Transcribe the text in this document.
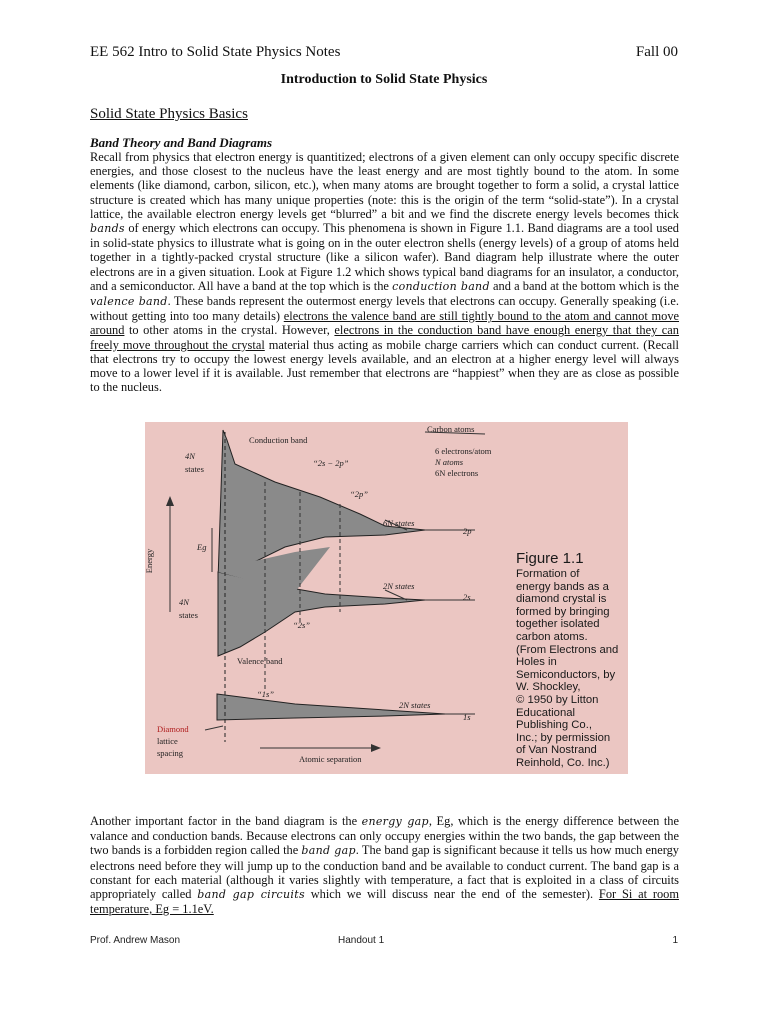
EE 562 Intro to Solid State Physics Notes	Fall 00
Introduction to Solid State Physics
Solid State Physics Basics
Band Theory and Band Diagrams
Recall from physics that electron energy is quantitized; electrons of a given element can only occupy specific discrete energies, and those closest to the nucleus have the least energy and are most tightly bound to the atom. In some elements (like diamond, carbon, silicon, etc.), when many atoms are brought together to form a solid, a crystal lattice structure is created which has many unique properties (note: this is the origin of the term “solid-state”). In a crystal lattice, the available electron energy levels get “blurred” a bit and we find the discrete energy levels becomes thick bands of energy which electrons can occupy. This phenomena is shown in Figure 1.1. Band diagrams are a tool used in solid-state physics to illustrate what is going on in the outer electron shells (energy levels) of a group of atoms held together in a tightly-packed crystal structure (like a silicon wafer). Band diagram help illustrate where the outer electrons are in a given situation. Look at Figure 1.2 which shows typical band diagrams for an insulator, a conductor, and a semiconductor. All have a band at the top which is the conduction band and a band at the bottom which is the valence band. These bands represent the outermost energy levels that electrons can occupy. Generally speaking (i.e. without getting into too many details) electrons the valence band are still tightly bound to the atom and cannot move around to other atoms in the crystal. However, electrons in the conduction band have enough energy that they can freely move throughout the crystal material thus acting as mobile charge carriers which can conduct current. (Recall that electrons try to occupy the lowest energy levels available, and an electron at a higher energy level will always move to a lower level if it is available. Just remember that electrons are “happiest” when they are as close as possible to the nucleus.
Conduction band
Carbon atoms
6 electrons/atom
N atoms
6N electrons
4N
states
“2s − 2p”
“2p”
6N states
2p
Eg
Energy
2N states
2s
4N
states
“2s”
Valence band
“1s”
2N states
1s
Diamond
lattice
spacing
Atomic separation
Figure 1.1
Formation of
energy bands as a
diamond crystal is
formed by bringing
together isolated
carbon atoms.
(From Electrons and
Holes in
Semiconductors, by
W. Shockley,
© 1950 by Litton
Educational
Publishing Co.,
Inc.; by permission
of Van Nostrand
Reinhold, Co. Inc.)
Another important factor in the band diagram is the energy gap, Eg, which is the energy difference between the valance and conduction bands. Because electrons can only occupy energies within the two bands, the gap between the two bands is a forbidden region called the band gap. The band gap is significant because it tells us how much energy electrons need before they will jump up to the conduction band and be available to conduct current. The band gap is a constant for each material (although it varies slightly with temperature, a fact that is exploited in a class of circuits appropriately called band gap circuits which we will discuss near the end of the semester). For Si at room temperature, Eg = 1.1eV.
Prof. Andrew Mason	Handout 1	1
